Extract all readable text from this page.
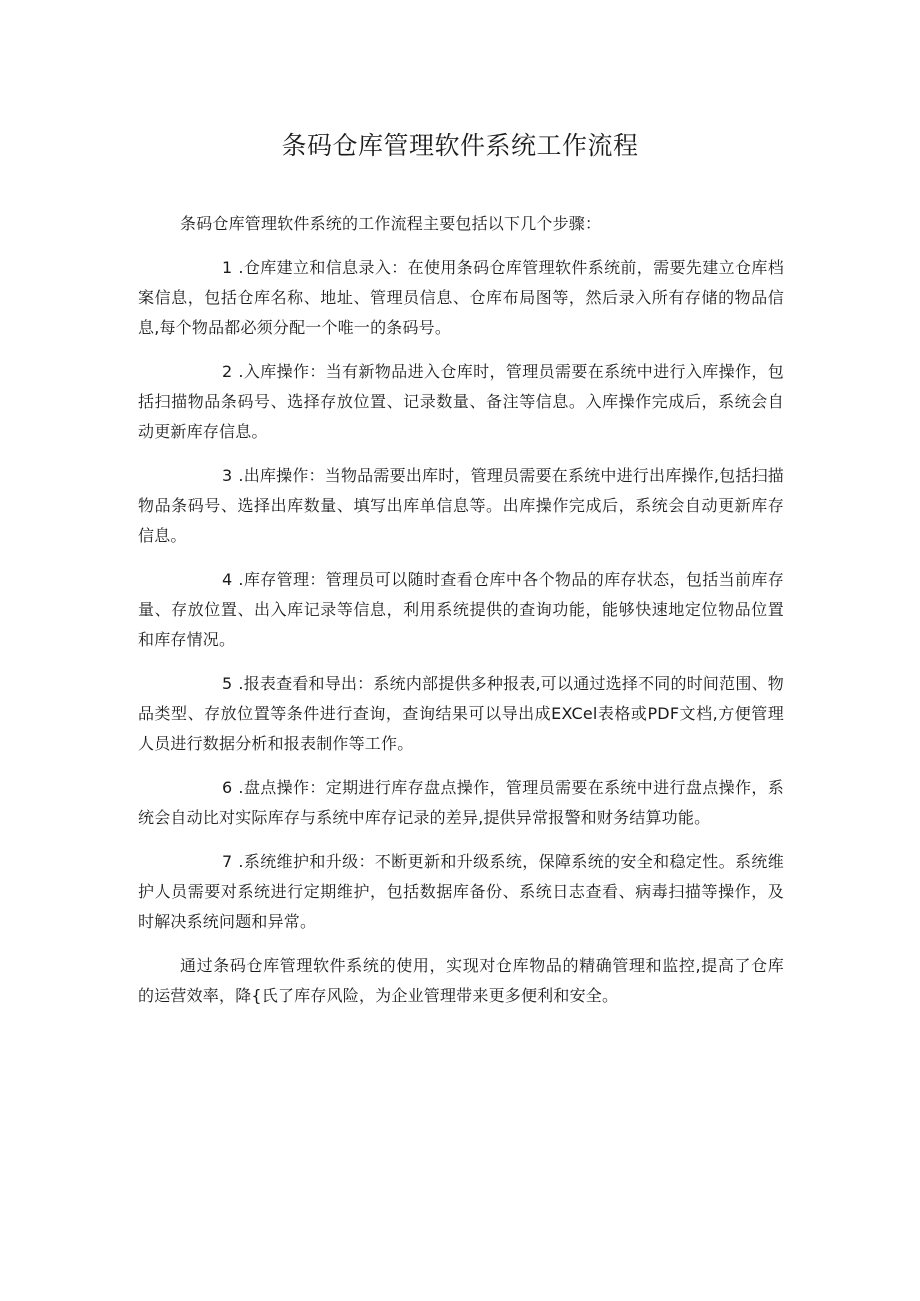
条码仓库管理软件系统工作流程

条码仓库管理软件系统的工作流程主要包括以下几个步骤：

1 .仓库建立和信息录入：在使用条码仓库管理软件系统前，需要先建立仓库档案信息，包括仓库名称、地址、管理员信息、仓库布局图等，然后录入所有存储的物品信息,每个物品都必须分配一个唯一的条码号。

2 .入库操作：当有新物品进入仓库时，管理员需要在系统中进行入库操作，包括扫描物品条码号、选择存放位置、记录数量、备注等信息。入库操作完成后，系统会自动更新库存信息。

3 .出库操作：当物品需要出库时，管理员需要在系统中进行出库操作,包括扫描物品条码号、选择出库数量、填写出库单信息等。出库操作完成后，系统会自动更新库存信息。

4 .库存管理：管理员可以随时查看仓库中各个物品的库存状态，包括当前库存量、存放位置、出入库记录等信息，利用系统提供的查询功能，能够快速地定位物品位置和库存情况。

5 .报表查看和导出：系统内部提供多种报表,可以通过选择不同的时间范围、物品类型、存放位置等条件进行查询，查询结果可以导出成EXCel表格或PDF文档,方便管理人员进行数据分析和报表制作等工作。

6 .盘点操作：定期进行库存盘点操作，管理员需要在系统中进行盘点操作，系统会自动比对实际库存与系统中库存记录的差异,提供异常报警和财务结算功能。

7 .系统维护和升级：不断更新和升级系统，保障系统的安全和稳定性。系统维护人员需要对系统进行定期维护，包括数据库备份、系统日志查看、病毒扫描等操作，及时解决系统问题和异常。

通过条码仓库管理软件系统的使用，实现对仓库物品的精确管理和监控,提高了仓库的运营效率，降{氏了库存风险，为企业管理带来更多便利和安全。
